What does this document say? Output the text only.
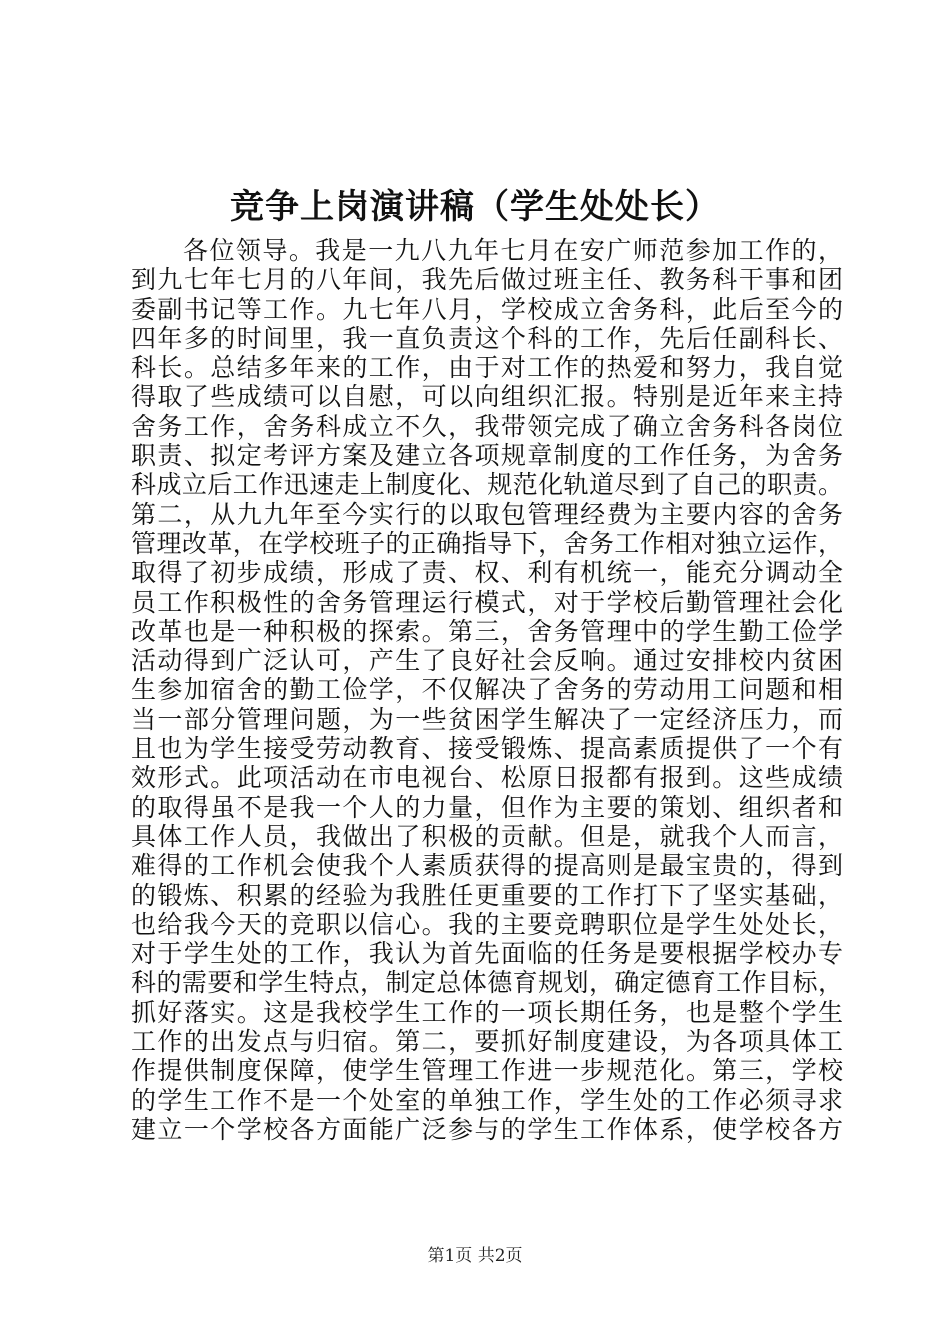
竞争上岗演讲稿（学生处处长）
各位领导。我是一九八九年七月在安广师范参加工作的，
到九七年七月的八年间，我先后做过班主任、教务科干事和团
委副书记等工作。九七年八月，学校成立舍务科，此后至今的
四年多的时间里，我一直负责这个科的工作，先后任副科长、
科长。总结多年来的工作，由于对工作的热爱和努力，我自觉
得取了些成绩可以自慰，可以向组织汇报。特别是近年来主持
舍务工作，舍务科成立不久，我带领完成了确立舍务科各岗位
职责、拟定考评方案及建立各项规章制度的工作任务，为舍务
科成立后工作迅速走上制度化、规范化轨道尽到了自己的职责。
第二，从九九年至今实行的以取包管理经费为主要内容的舍务
管理改革，在学校班子的正确指导下，舍务工作相对独立运作，
取得了初步成绩，形成了责、权、利有机统一，能充分调动全
员工作积极性的舍务管理运行模式，对于学校后勤管理社会化
改革也是一种积极的探索。第三，舍务管理中的学生勤工俭学
活动得到广泛认可，产生了良好社会反响。通过安排校内贫困
生参加宿舍的勤工俭学，不仅解决了舍务的劳动用工问题和相
当一部分管理问题，为一些贫困学生解决了一定经济压力，而
且也为学生接受劳动教育、接受锻炼、提高素质提供了一个有
效形式。此项活动在市电视台、松原日报都有报到。这些成绩
的取得虽不是我一个人的力量，但作为主要的策划、组织者和
具体工作人员，我做出了积极的贡献。但是，就我个人而言，
难得的工作机会使我个人素质获得的提高则是最宝贵的，得到
的锻炼、积累的经验为我胜任更重要的工作打下了坚实基础，
也给我今天的竞职以信心。我的主要竞聘职位是学生处处长，
对于学生处的工作，我认为首先面临的任务是要根据学校办专
科的需要和学生特点，制定总体德育规划，确定德育工作目标，
抓好落实。这是我校学生工作的一项长期任务，也是整个学生
工作的出发点与归宿。第二，要抓好制度建设，为各项具体工
作提供制度保障，使学生管理工作进一步规范化。第三，学校
的学生工作不是一个处室的单独工作，学生处的工作必须寻求
建立一个学校各方面能广泛参与的学生工作体系，使学校各方
第1页 共2页
